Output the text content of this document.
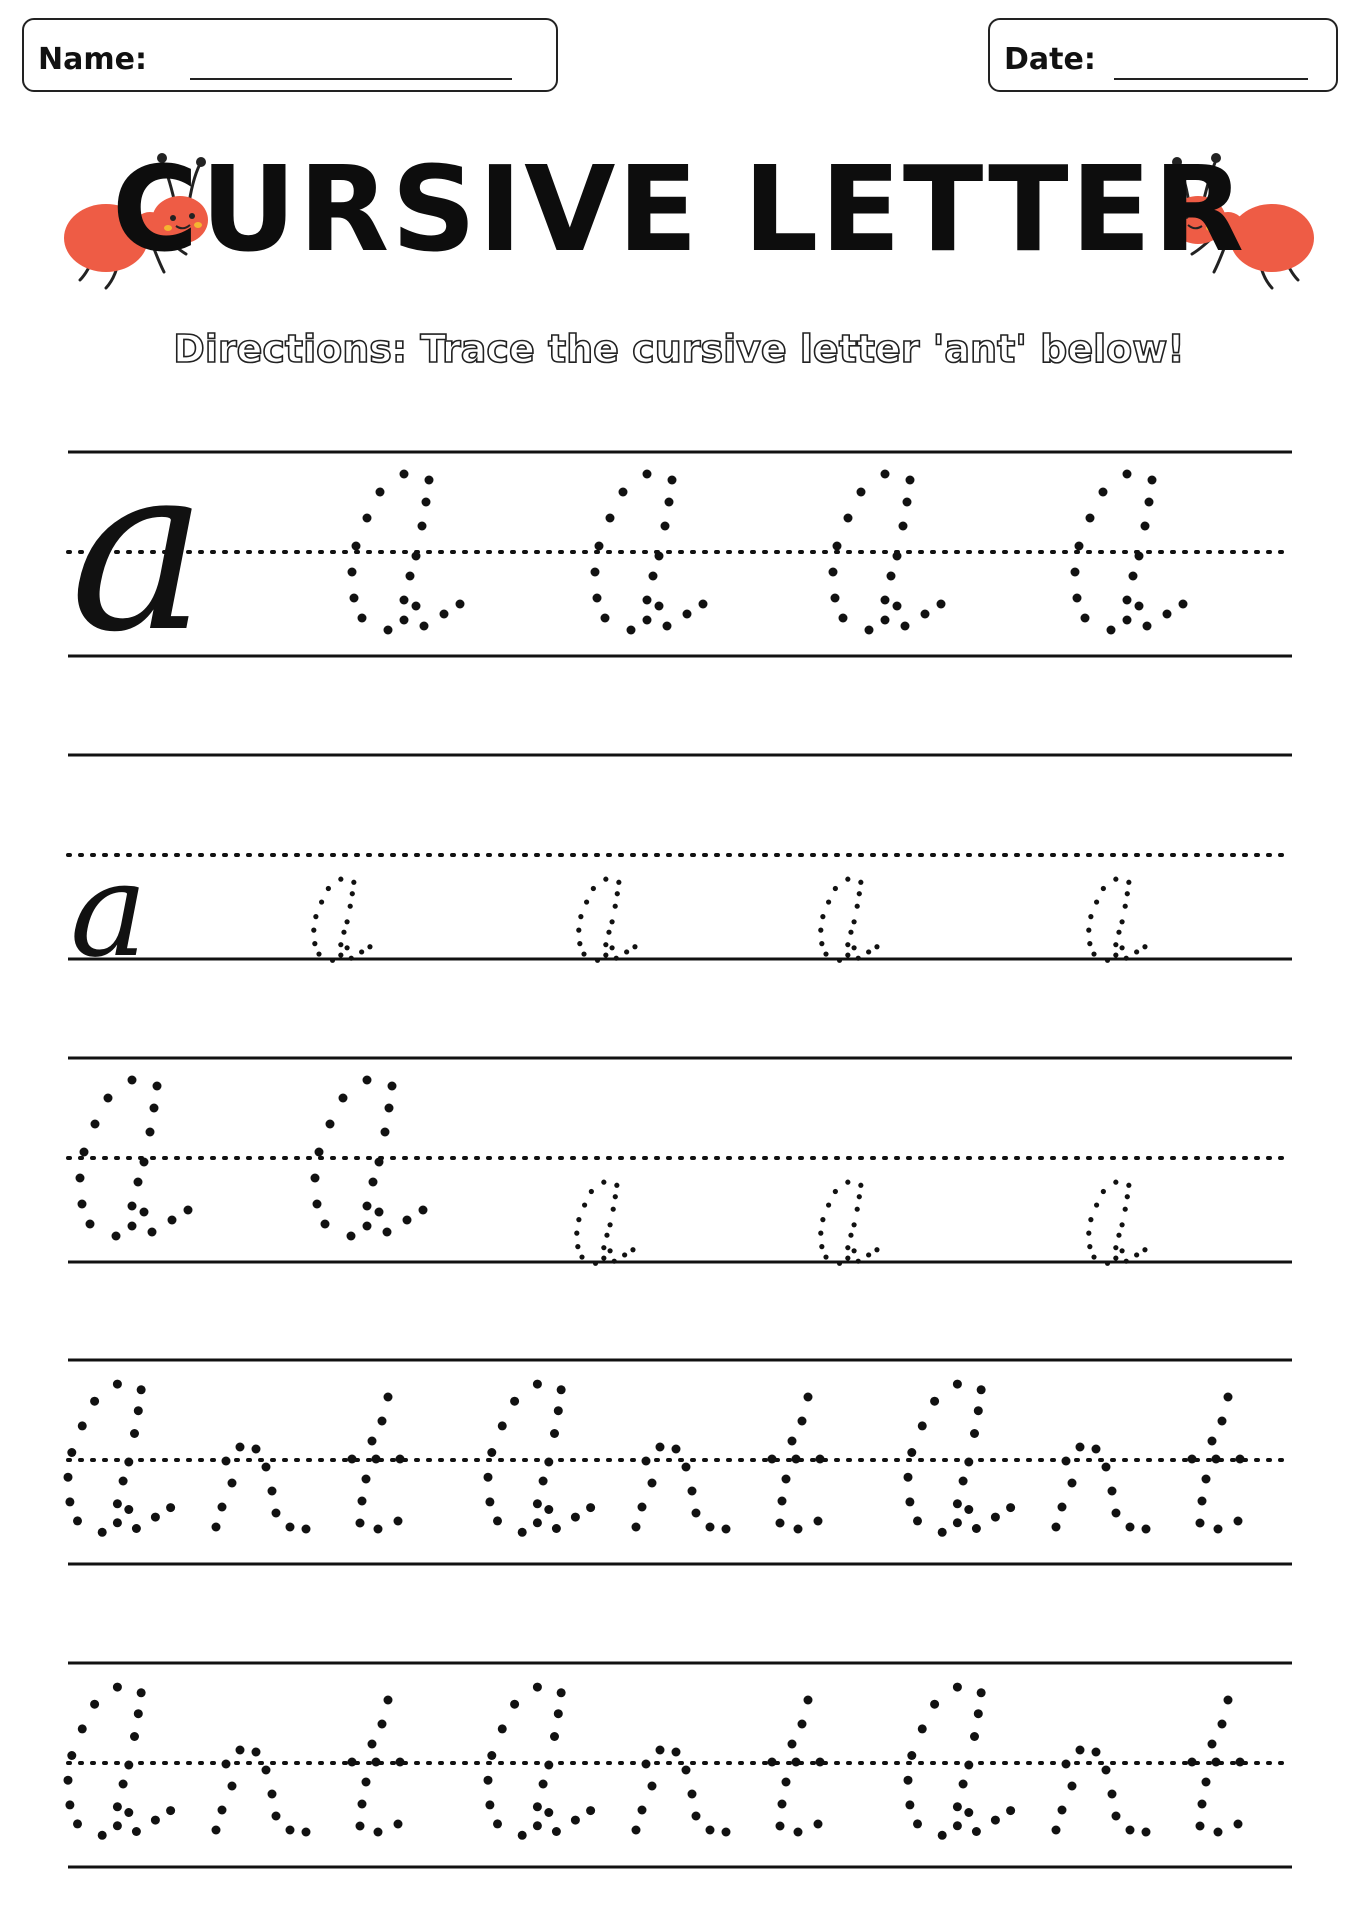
Name:	Date:
CURSIVE LETTER
Directions: Trace the cursive letter 'ant' below!
a
a
